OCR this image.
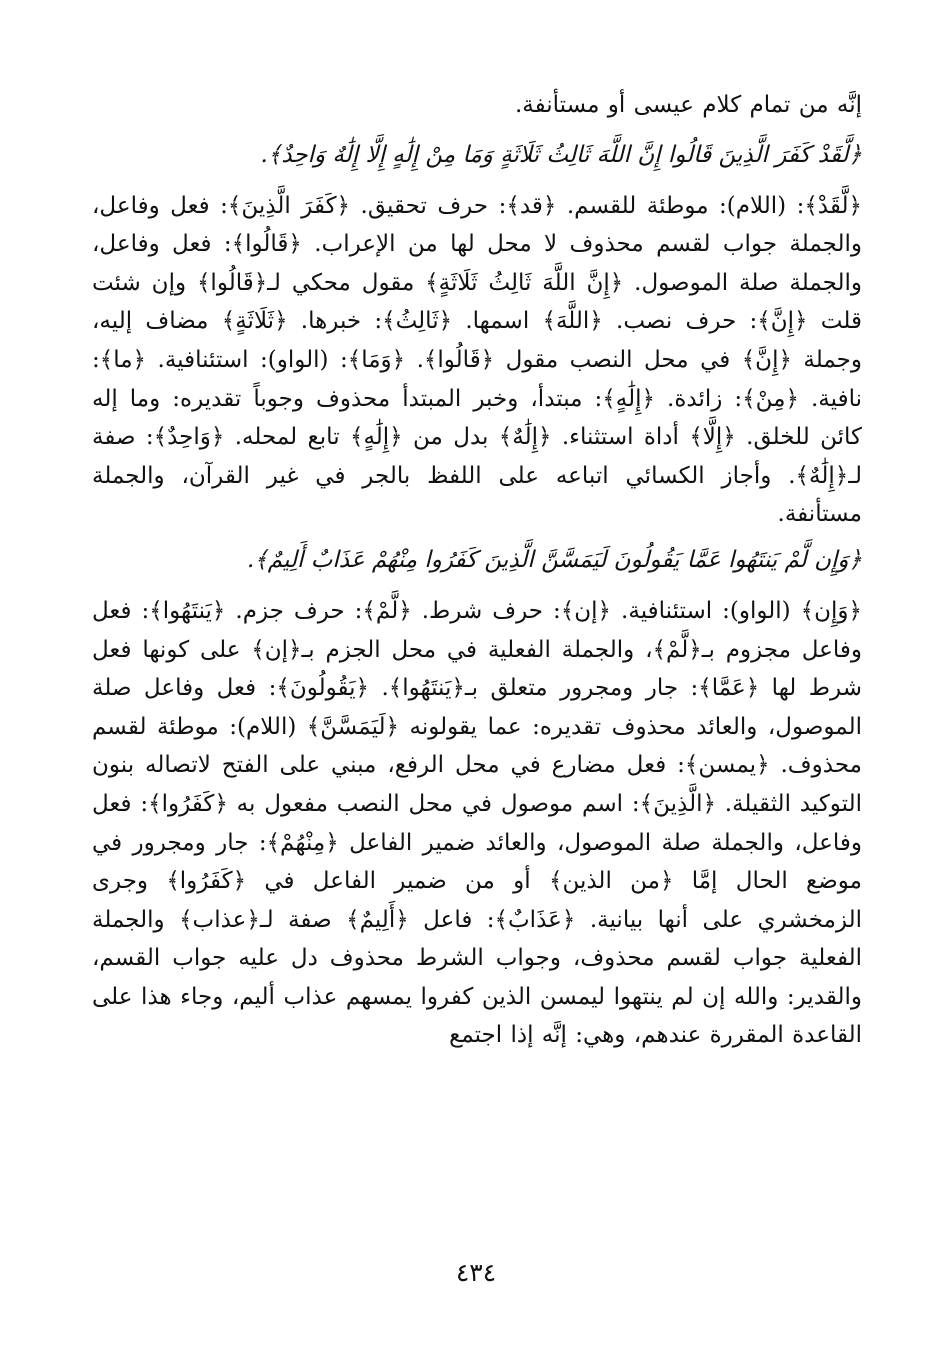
إنَّه من تمام كلام عيسى أو مستأنفة.

﴿لَّقَدْ كَفَرَ الَّذِينَ قَالُوا إِنَّ اللَّهَ ثَالِثُ ثَلَاثَةٍ وَمَا مِنْ إِلَٰهٍ إِلَّا إِلَٰهٌ وَاحِدٌ﴾.

﴿لَّقَدْ﴾: (اللام): موطئة للقسم. ﴿قد﴾: حرف تحقيق. ﴿كَفَرَ الَّذِينَ﴾: فعل وفاعل، والجملة جواب لقسم محذوف لا محل لها من الإعراب. ﴿قَالُوا﴾: فعل وفاعل، والجملة صلة الموصول. ﴿إِنَّ اللَّهَ ثَالِثُ ثَلَاثَةٍ﴾ مقول محكي لـ﴿قَالُوا﴾ وإن شئت قلت ﴿إِنَّ﴾: حرف نصب. ﴿اللَّهَ﴾ اسمها. ﴿ثَالِثُ﴾: خبرها. ﴿ثَلَاثَةٍ﴾ مضاف إليه، وجملة ﴿إِنَّ﴾ في محل النصب مقول ﴿قَالُوا﴾. ﴿وَمَا﴾: (الواو): استئنافية. ﴿ما﴾: نافية. ﴿مِنْ﴾: زائدة. ﴿إِلَٰهٍ﴾: مبتدأ، وخبر المبتدأ محذوف وجوباً تقديره: وما إله كائن للخلق. ﴿إِلَّا﴾ أداة استثناء. ﴿إِلَٰهٌ﴾ بدل من ﴿إِلَٰهٍ﴾ تابع لمحله. ﴿وَاحِدٌ﴾: صفة لـ﴿إِلَٰهٌ﴾. وأجاز الكسائي اتباعه على اللفظ بالجر في غير القرآن، والجملة مستأنفة.

﴿وَإِن لَّمْ يَنتَهُوا عَمَّا يَقُولُونَ لَيَمَسَّنَّ الَّذِينَ كَفَرُوا مِنْهُمْ عَذَابٌ أَلِيمٌ﴾.

﴿وَإِن﴾ (الواو): استئنافية. ﴿إن﴾: حرف شرط. ﴿لَّمْ﴾: حرف جزم. ﴿يَنتَهُوا﴾: فعل وفاعل مجزوم بـ﴿لَّمْ﴾، والجملة الفعلية في محل الجزم بـ﴿إن﴾ على كونها فعل شرط لها ﴿عَمَّا﴾: جار ومجرور متعلق بـ﴿يَنتَهُوا﴾. ﴿يَقُولُونَ﴾: فعل وفاعل صلة الموصول، والعائد محذوف تقديره: عما يقولونه ﴿لَيَمَسَّنَّ﴾ (اللام): موطئة لقسم محذوف. ﴿يمسن﴾: فعل مضارع في محل الرفع، مبني على الفتح لاتصاله بنون التوكيد الثقيلة. ﴿الَّذِينَ﴾: اسم موصول في محل النصب مفعول به ﴿كَفَرُوا﴾: فعل وفاعل، والجملة صلة الموصول، والعائد ضمير الفاعل ﴿مِنْهُمْ﴾: جار ومجرور في موضع الحال إمَّا ﴿من الذين﴾ أو من ضمير الفاعل في ﴿كَفَرُوا﴾ وجرى الزمخشري على أنها بيانية. ﴿عَذَابٌ﴾: فاعل ﴿أَلِيمٌ﴾ صفة لـ﴿عذاب﴾ والجملة الفعلية جواب لقسم محذوف، وجواب الشرط محذوف دل عليه جواب القسم، والقدير: والله إن لم ينتهوا ليمسن الذين كفروا يمسهم عذاب أليم، وجاء هذا على القاعدة المقررة عندهم، وهي: إنَّه إذا اجتمع

٤٣٤
